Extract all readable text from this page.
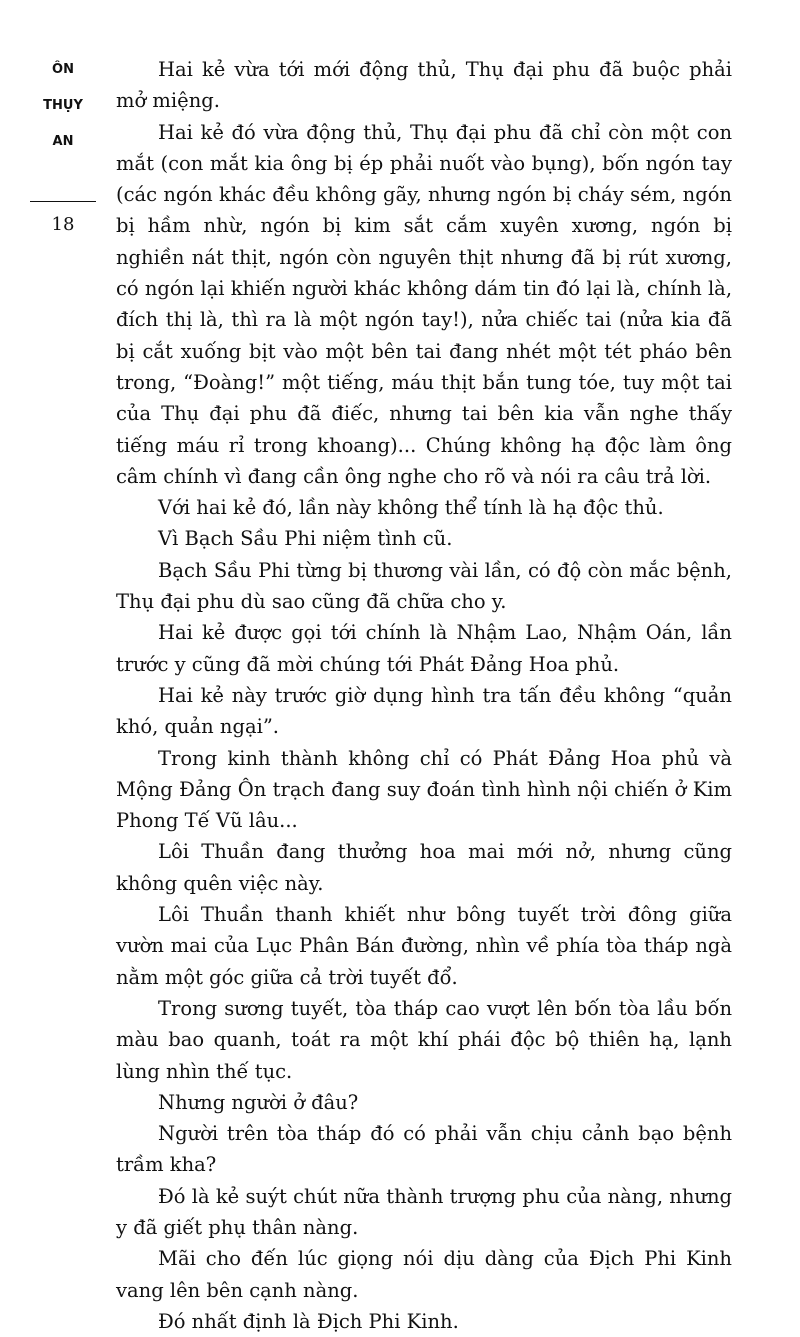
ÔN
THỤY
AN
18

Hai kẻ vừa tới mới động thủ, Thụ đại phu đã buộc phải mở miệng.

Hai kẻ đó vừa động thủ, Thụ đại phu đã chỉ còn một con mắt (con mắt kia ông bị ép phải nuốt vào bụng), bốn ngón tay (các ngón khác đều không gãy, nhưng ngón bị cháy sém, ngón bị hầm nhừ, ngón bị kim sắt cắm xuyên xương, ngón bị nghiền nát thịt, ngón còn nguyên thịt nhưng đã bị rút xương, có ngón lại khiến người khác không dám tin đó lại là, chính là, đích thị là, thì ra là một ngón tay!), nửa chiếc tai (nửa kia đã bị cắt xuống bịt vào một bên tai đang nhét một tét pháo bên trong, “Đoàng!” một tiếng, máu thịt bắn tung tóe, tuy một tai của Thụ đại phu đã điếc, nhưng tai bên kia vẫn nghe thấy tiếng máu rỉ trong khoang)... Chúng không hạ độc làm ông câm chính vì đang cần ông nghe cho rõ và nói ra câu trả lời.

Với hai kẻ đó, lần này không thể tính là hạ độc thủ.

Vì Bạch Sầu Phi niệm tình cũ.

Bạch Sầu Phi từng bị thương vài lần, có độ còn mắc bệnh, Thụ đại phu dù sao cũng đã chữa cho y.

Hai kẻ được gọi tới chính là Nhậm Lao, Nhậm Oán, lần trước y cũng đã mời chúng tới Phát Đảng Hoa phủ.

Hai kẻ này trước giờ dụng hình tra tấn đều không “quản khó, quản ngại”.

Trong kinh thành không chỉ có Phát Đảng Hoa phủ và Mộng Đảng Ôn trạch đang suy đoán tình hình nội chiến ở Kim Phong Tế Vũ lâu...

Lôi Thuần đang thưởng hoa mai mới nở, nhưng cũng không quên việc này.

Lôi Thuần thanh khiết như bông tuyết trời đông giữa vườn mai của Lục Phân Bán đường, nhìn về phía tòa tháp ngà nằm một góc giữa cả trời tuyết đổ.

Trong sương tuyết, tòa tháp cao vượt lên bốn tòa lầu bốn màu bao quanh, toát ra một khí phái độc bộ thiên hạ, lạnh lùng nhìn thế tục.

Nhưng người ở đâu?

Người trên tòa tháp đó có phải vẫn chịu cảnh bạo bệnh trầm kha?

Đó là kẻ suýt chút nữa thành trượng phu của nàng, nhưng y đã giết phụ thân nàng.

Mãi cho đến lúc giọng nói dịu dàng của Địch Phi Kinh vang lên bên cạnh nàng.

Đó nhất định là Địch Phi Kinh.
